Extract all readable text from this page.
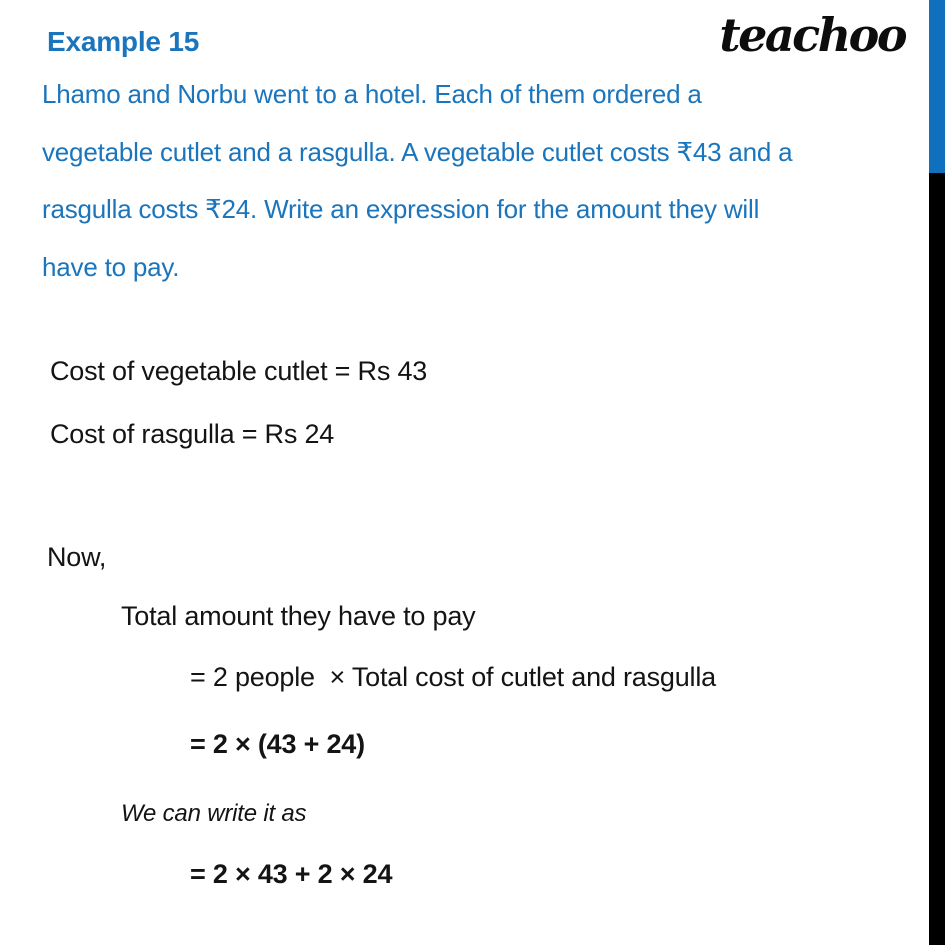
Example 15	teachoo
Lhamo and Norbu went to a hotel. Each of them ordered a
vegetable cutlet and a rasgulla. A vegetable cutlet costs ₹43 and a
rasgulla costs ₹24. Write an expression for the amount they will
have to pay.
Cost of vegetable cutlet = Rs 43
Cost of rasgulla = Rs 24
Now,
Total amount they have to pay
= 2 people  × Total cost of cutlet and rasgulla
= 2 × (43 + 24)
We can write it as
= 2 × 43 + 2 × 24
